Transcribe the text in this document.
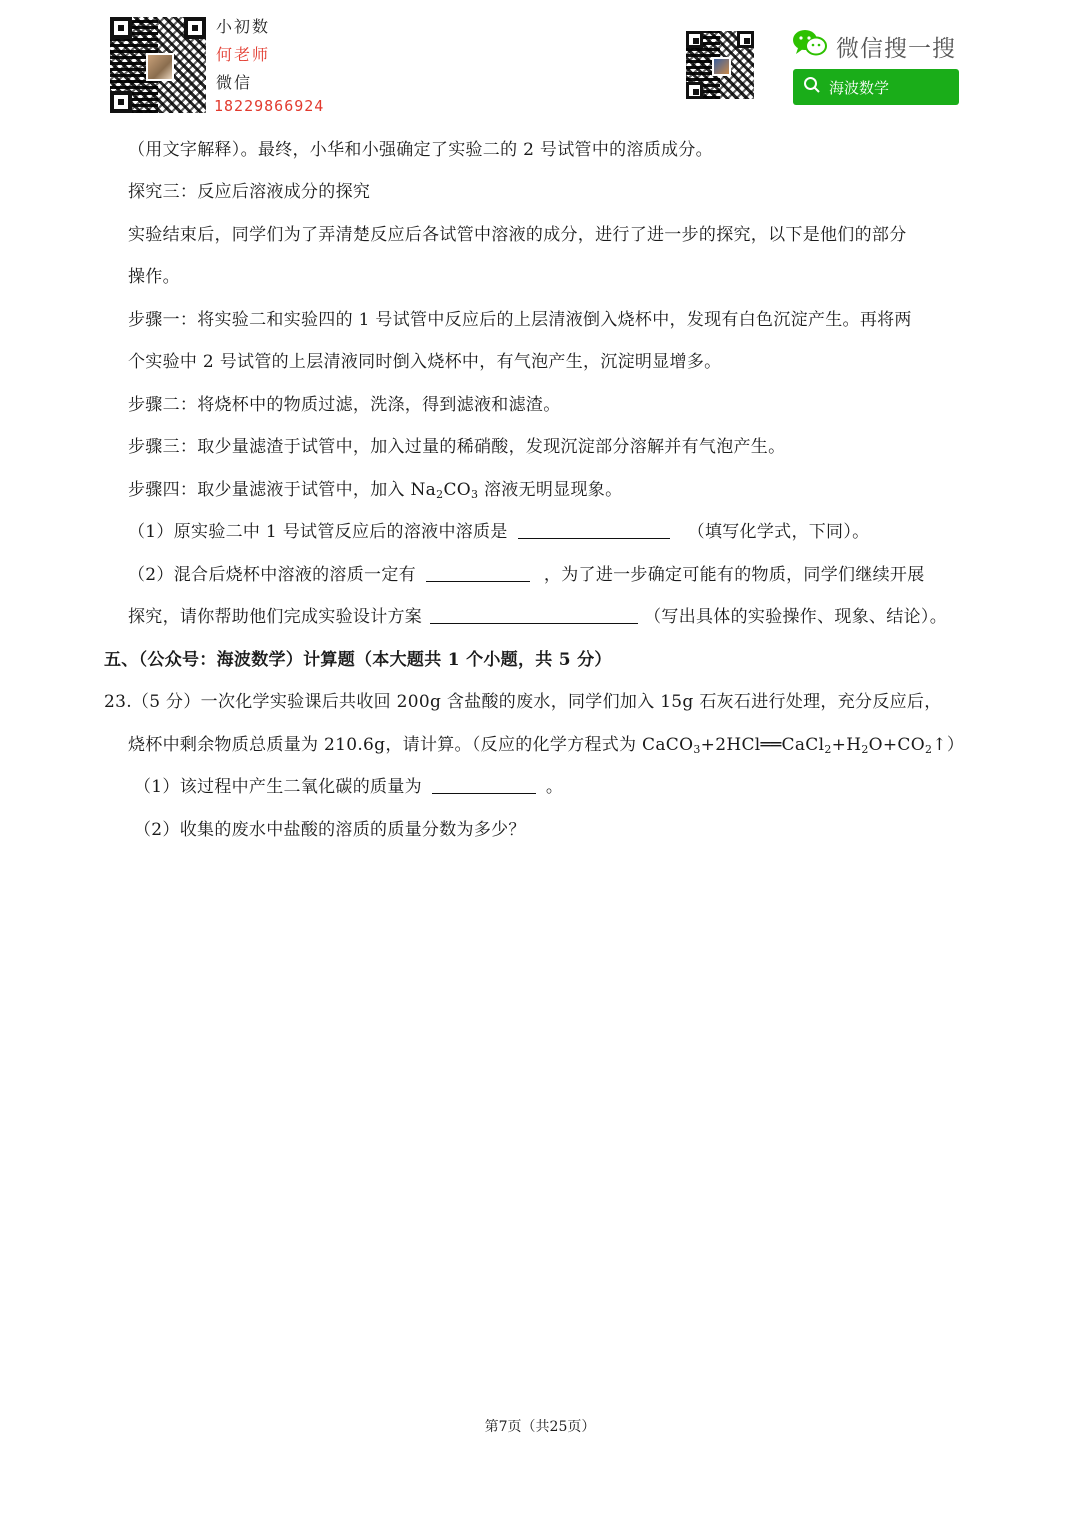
小初数
何老师
微信
18229866924
微信搜一搜
海波数学
（用文字解释）。最终，小华和小强确定了实验二的 2 号试管中的溶质成分。
探究三：反应后溶液成分的探究
实验结束后，同学们为了弄清楚反应后各试管中溶液的成分，进行了进一步的探究，以下是他们的部分
操作。
步骤一：将实验二和实验四的 1 号试管中反应后的上层清液倒入烧杯中，发现有白色沉淀产生。再将两
个实验中 2 号试管的上层清液同时倒入烧杯中，有气泡产生，沉淀明显增多。
步骤二：将烧杯中的物质过滤，洗涤，得到滤液和滤渣。
步骤三：取少量滤渣于试管中，加入过量的稀硝酸，发现沉淀部分溶解并有气泡产生。
步骤四：取少量滤液于试管中，加入 $Na_2CO_3$ 溶液无明显现象。
（1）原实验二中 1 号试管反应后的溶液中溶质是	（填写化学式，下同）。
（2）混合后烧杯中溶液的溶质一定有	，为了进一步确定可能有的物质，同学们继续开展
探究，请你帮助他们完成实验设计方案	（写出具体的实验操作、现象、结论）。
五、（公众号：海波数学）计算题（本大题共 1 个小题，共 5 分）
23.（5 分）一次化学实验课后共收回 200g 含盐酸的废水，同学们加入 15g 石灰石进行处理，充分反应后，
烧杯中剩余物质总质量为 210.6g，请计算。（反应的化学方程式为 $CaCO_3+2HCl══CaCl_2+H_2O+CO_2↑$）
（1）该过程中产生二氧化碳的质量为	。
（2）收集的废水中盐酸的溶质的质量分数为多少？
第7页（共25页）
